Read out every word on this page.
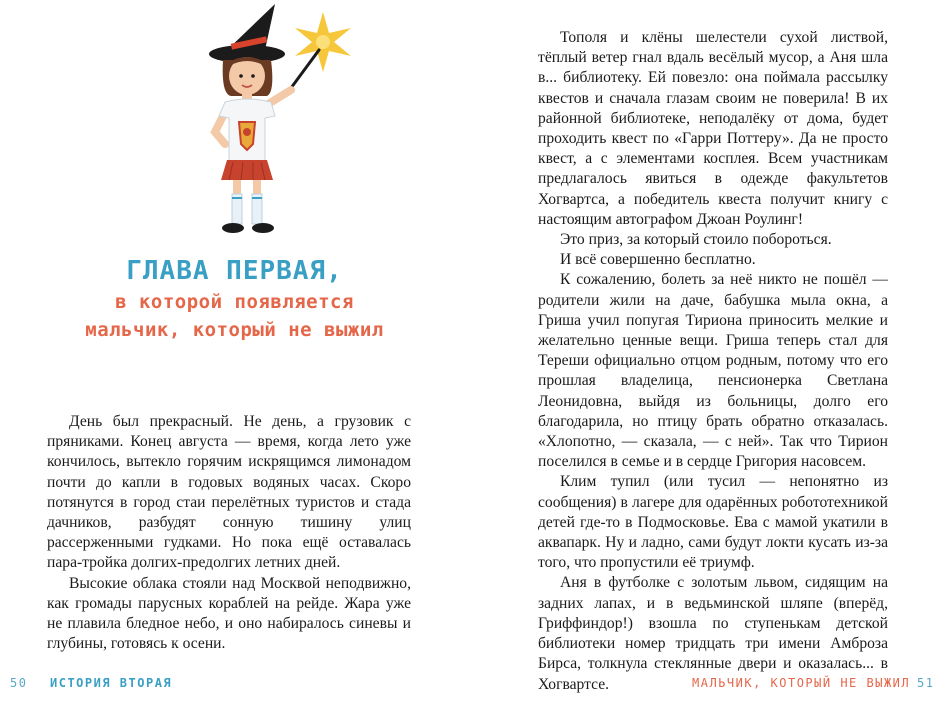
ГЛАВА ПЕРВАЯ,
в которой появляется
мальчик, который не выжил

День был прекрасный. Не день, а грузовик с пряниками. Конец августа — время, когда лето уже кончилось, вытекло горячим искрящимся лимонадом почти до капли в годовых водяных часах. Скоро потянутся в город стаи перелётных туристов и стада дачников, разбудят сонную тишину улиц рассерженными гудками. Но пока ещё оставалась пара-тройка долгих-предолгих летних дней.

Высокие облака стояли над Москвой неподвижно, как громады парусных кораблей на рейде. Жара уже не плавила бледное небо, и оно набиралось синевы и глубины, готовясь к осени.

50 ИСТОРИЯ ВТОРАЯ

Тополя и клёны шелестели сухой листвой, тёплый ветер гнал вдаль весёлый мусор, а Аня шла в... библиотеку. Ей повезло: она поймала рассылку квестов и сначала глазам своим не поверила! В их районной библиотеке, неподалёку от дома, будет проходить квест по «Гарри Поттеру». Да не просто квест, а с элементами косплея. Всем участникам предлагалось явиться в одежде факультетов Хогвартса, а победитель квеста получит книгу с настоящим автографом Джоан Роулинг!

Это приз, за который стоило побороться.

И всё совершенно бесплатно.

К сожалению, болеть за неё никто не пошёл — родители жили на даче, бабушка мыла окна, а Гриша учил попугая Тириона приносить мелкие и желательно ценные вещи. Гриша теперь стал для Тереши официально отцом родным, потому что его прошлая владелица, пенсионерка Светлана Леонидовна, выйдя из больницы, долго его благодарила, но птицу брать обратно отказалась. «Хлопотно, — сказала, — с ней». Так что Тирион поселился в семье и в сердце Григория насовсем.

Клим тупил (или тусил — непонятно из сообщения) в лагере для одарённых робототехникой детей где-то в Подмосковье. Ева с мамой укатили в аквапарк. Ну и ладно, сами будут локти кусать из-за того, что пропустили её триумф.

Аня в футболке с золотым львом, сидящим на задних лапах, и в ведьминской шляпе (вперёд, Гриффиндор!) взошла по ступенькам детской библиотеки номер тридцать три имени Амброза Бирса, толкнула стеклянные двери и оказалась... в Хогвартсе.	МАЛЬЧИК, КОТОРЫЙ НЕ ВЫЖИЛ 51
